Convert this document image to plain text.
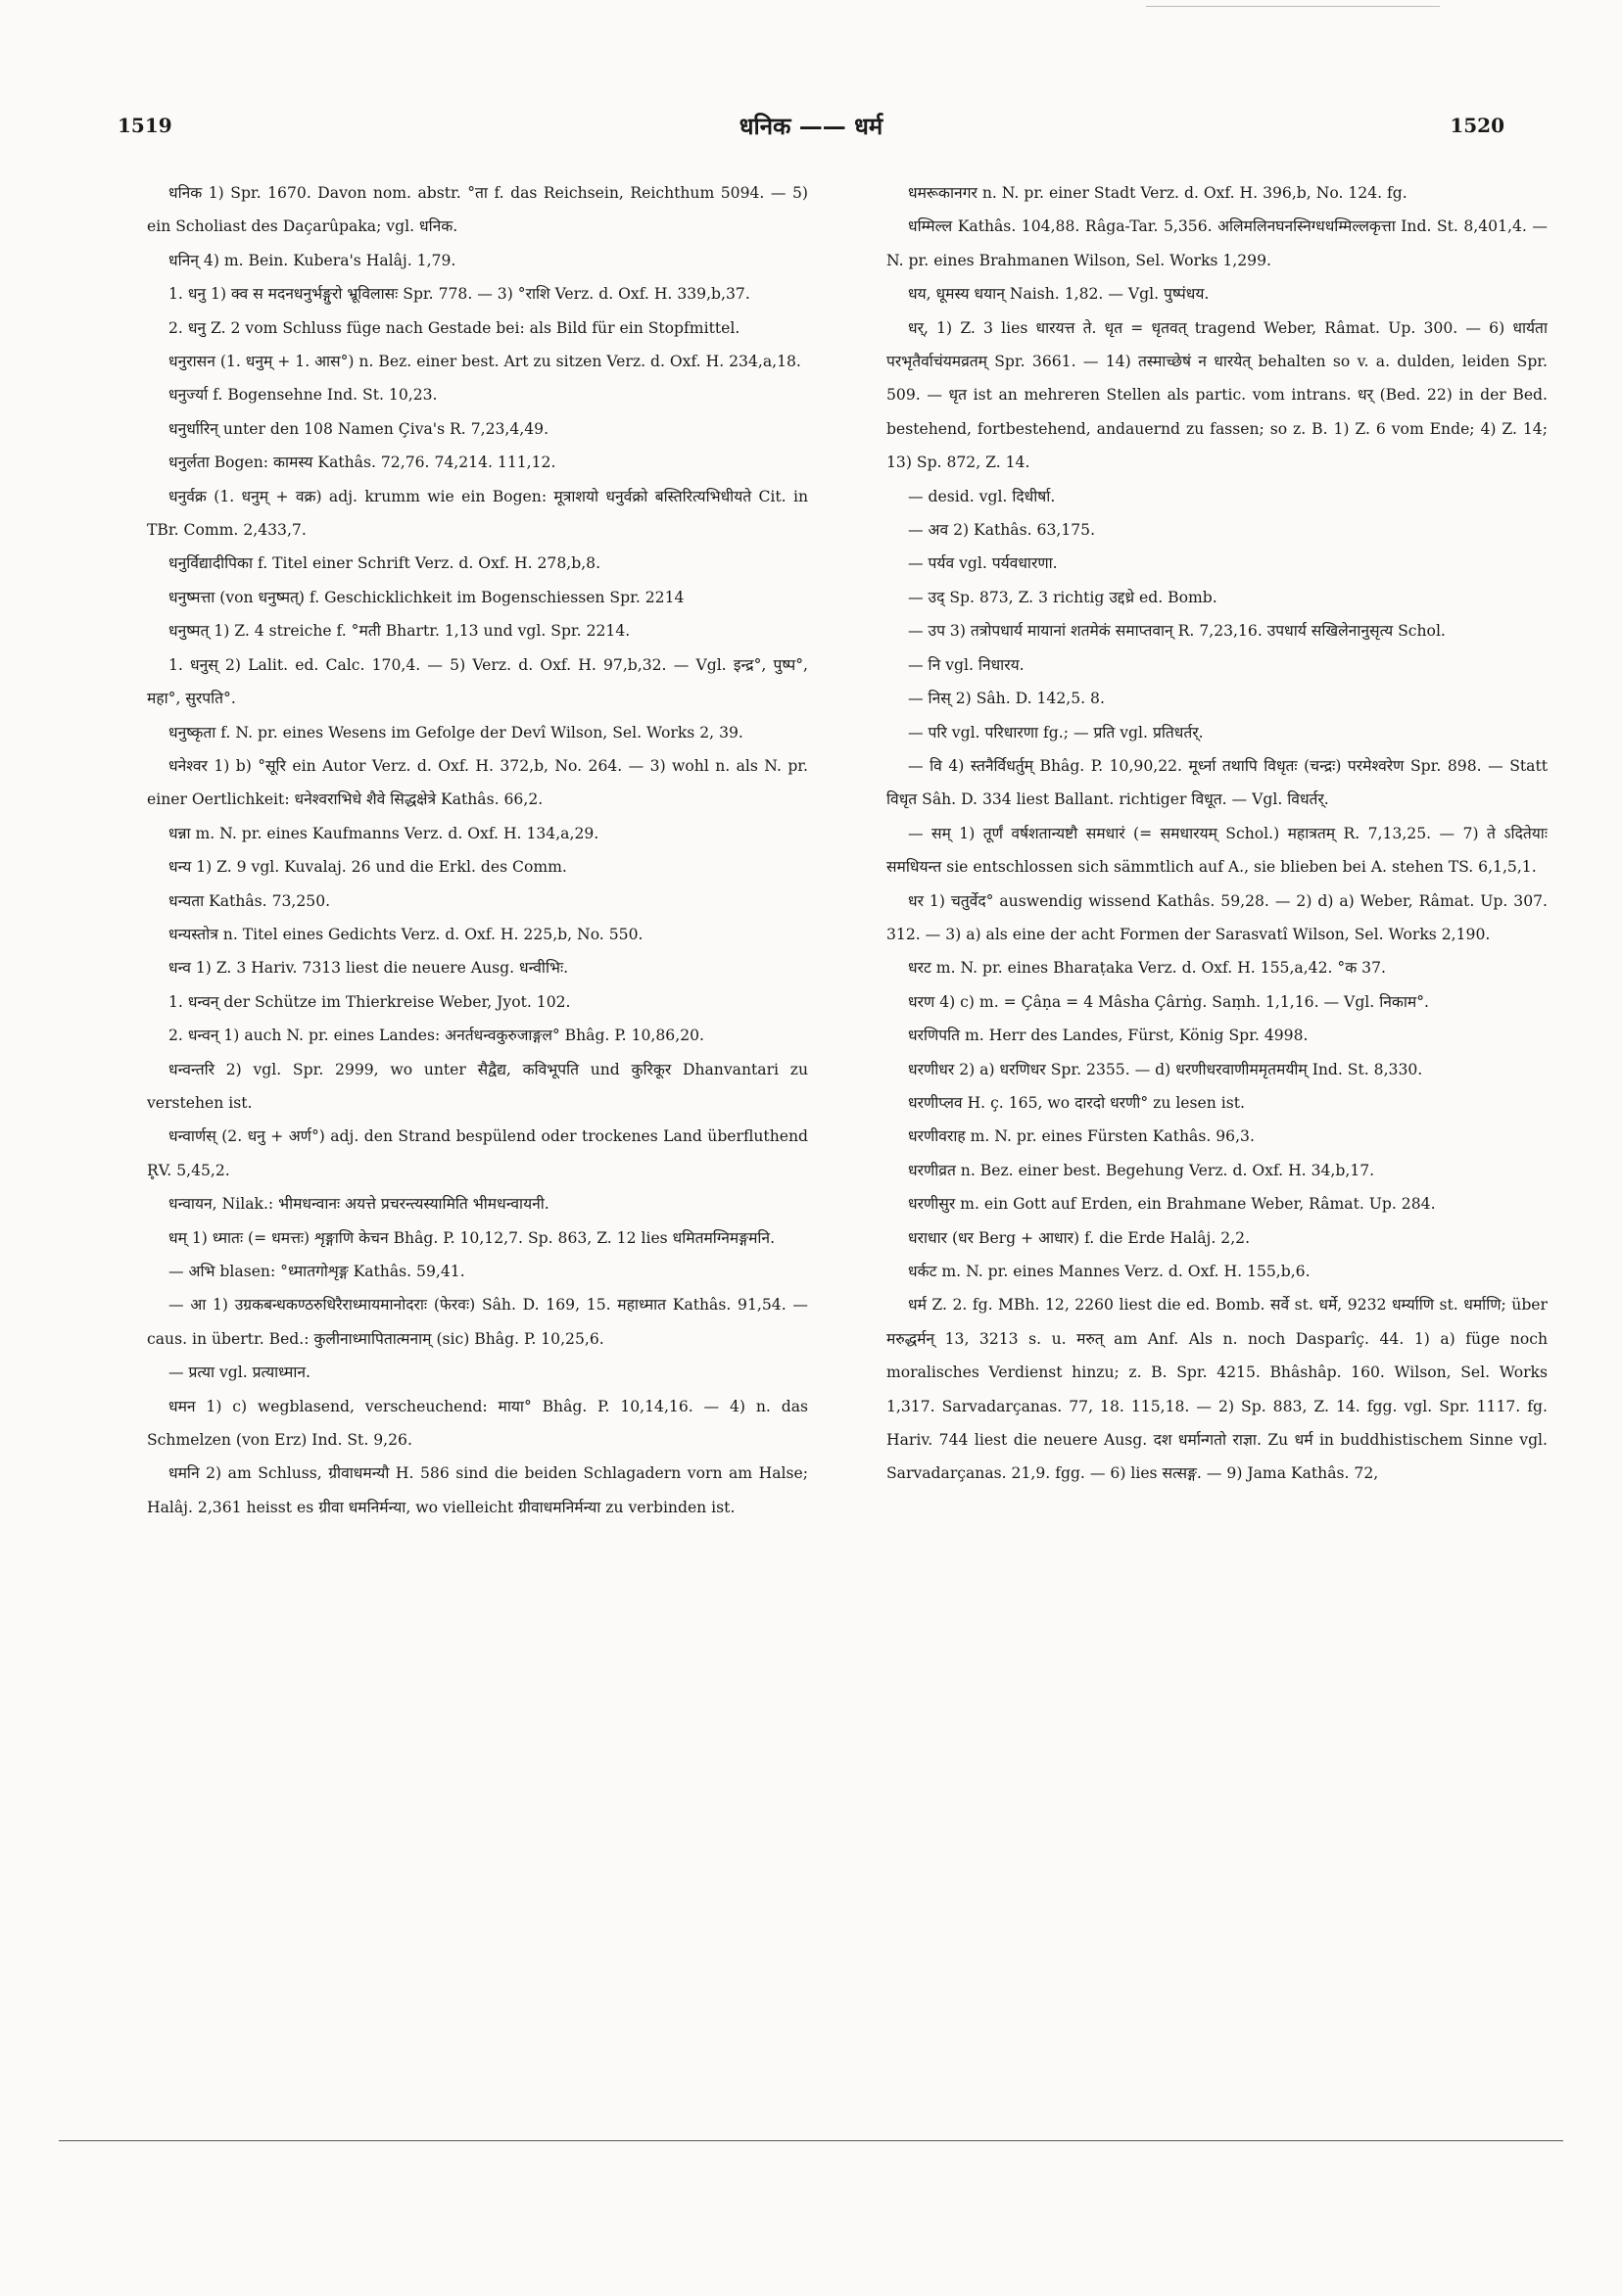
1519	धनिक —— धर्म	1520

धनिक 1) Spr. 1670. Davon nom. abstr. °ता f. das Reichsein, Reichthum 5094. — 5) ein Scholiast des Daçarûpaka; vgl. धनिक.

धनिन् 4) m. Bein. Kubera's Halâj. 1,79.

1. धनु 1) क्व स मदनधनुर्भङ्गुरो भ्रूविलासः Spr. 778. — 3) °राशि Verz. d. Oxf. H. 339,b,37.

2. धनु Z. 2 vom Schluss füge nach Gestade bei: als Bild für ein Stopfmittel.

धनुरासन (1. धनुम् + 1. आस°) n. Bez. einer best. Art zu sitzen Verz. d. Oxf. H. 234,a,18.

धनुर्ज्या f. Bogensehne Ind. St. 10,23.

धनुर्धारिन् unter den 108 Namen Çiva's R. 7,23,4,49.

धनुर्लता Bogen: कामस्य Kathâs. 72,76. 74,214. 111,12.

धनुर्वक्र (1. धनुम् + वक्र) adj. krumm wie ein Bogen: मूत्राशयो धनुर्वक्रो बस्तिरित्यभिधीयते Cit. in TBr. Comm. 2,433,7.

धनुर्विद्यादीपिका f. Titel einer Schrift Verz. d. Oxf. H. 278,b,8.

धनुष्मत्ता (von धनुष्मत्) f. Geschicklichkeit im Bogenschiessen Spr. 2214

धनुष्मत् 1) Z. 4 streiche f. °मती Bhartr. 1,13 und vgl. Spr. 2214.

1. धनुस् 2) Lalit. ed. Calc. 170,4. — 5) Verz. d. Oxf. H. 97,b,32. — Vgl. इन्द्र°, पुष्प°, महा°, सुरपति°.

धनुष्कृता f. N. pr. eines Wesens im Gefolge der Devî Wilson, Sel. Works 2, 39.

धनेश्वर 1) b) °सूरि ein Autor Verz. d. Oxf. H. 372,b, No. 264. — 3) wohl n. als N. pr. einer Oertlichkeit: धनेश्वराभिधे शैवे सिद्धक्षेत्रे Kathâs. 66,2.

धन्ना m. N. pr. eines Kaufmanns Verz. d. Oxf. H. 134,a,29.

धन्य 1) Z. 9 vgl. Kuvalaj. 26 und die Erkl. des Comm.

धन्यता Kathâs. 73,250.

धन्यस्तोत्र n. Titel eines Gedichts Verz. d. Oxf. H. 225,b, No. 550.

धन्व 1) Z. 3 Hariv. 7313 liest die neuere Ausg. धन्वीभिः.

1. धन्वन् der Schütze im Thierkreise Weber, Jyot. 102.

2. धन्वन् 1) auch N. pr. eines Landes: अनर्तधन्वकुरुजाङ्गल° Bhâg. P. 10,86,20.

धन्वन्तरि 2) vgl. Spr. 2999, wo unter सैद्वैद्य, कविभूपति und कुरिकूर Dhanvantari zu verstehen ist.

धन्वार्णस् (2. धनु + अर्ण°) adj. den Strand bespülend oder trockenes Land überfluthend R̥V. 5,45,2.

धन्वायन, Nilak.: भीमधन्वानः अयत्ते प्रचरन्त्यस्यामिति भीमधन्वायनी.

धम् 1) ध्मातः (= धमत्तः) शृङ्गाणि केचन Bhâg. P. 10,12,7. Sp. 863, Z. 12 lies धमितमग्निमङ्गमनि.

— अभि blasen: °ध्मातगोशृङ्ग Kathâs. 59,41.

— आ 1) उग्रकबन्धकण्ठरुधिरैराध्मायमानोदराः (फेरवः) Sâh. D. 169, 15. महाध्मात Kathâs. 91,54. — caus. in übertr. Bed.: कुलीनाध्मापितात्मनाम् (sic) Bhâg. P. 10,25,6.

— प्रत्या vgl. प्रत्याध्मान.

धमन 1) c) wegblasend, verscheuchend: माया° Bhâg. P. 10,14,16. — 4) n. das Schmelzen (von Erz) Ind. St. 9,26.

धमनि 2) am Schluss, ग्रीवाधमन्यौ H. 586 sind die beiden Schlagadern vorn am Halse; Halâj. 2,361 heisst es ग्रीवा धमनिर्मन्या, wo vielleicht ग्रीवाधमनिर्मन्या zu verbinden ist.

धमरूकानगर n. N. pr. einer Stadt Verz. d. Oxf. H. 396,b, No. 124. fg.

धम्मिल्ल Kathâs. 104,88. Râga-Tar. 5,356. अलिमलिनघनस्निग्धधम्मिल्लकृत्ता Ind. St. 8,401,4. — N. pr. eines Brahmanen Wilson, Sel. Works 1,299.

धय, धूमस्य धयान् Naish. 1,82. — Vgl. पुष्पंधय.

धर्, 1) Z. 3 lies धारयत्त ते. धृत = धृतवत् tragend Weber, Râmat. Up. 300. — 6) धार्यता परभृतैर्वाचंयमव्रतम् Spr. 3661. — 14) तस्माच्छेषं न धारयेत् behalten so v. a. dulden, leiden Spr. 509. — धृत ist an mehreren Stellen als partic. vom intrans. धर् (Bed. 22) in der Bed. bestehend, fortbestehend, andauernd zu fassen; so z. B. 1) Z. 6 vom Ende; 4) Z. 14; 13) Sp. 872, Z. 14.

— desid. vgl. दिधीर्षा.

— अव 2) Kathâs. 63,175.

— पर्यव vgl. पर्यवधारणा.

— उद् Sp. 873, Z. 3 richtig उद्दध्रे ed. Bomb.

— उप 3) तत्रोपधार्य मायानां शतमेकं समाप्तवान् R. 7,23,16. उपधार्य सखिलेनानुसृत्य Schol.

— नि vgl. निधारय.

— निस् 2) Sâh. D. 142,5. 8.

— परि vgl. परिधारणा fg.; — प्रति vgl. प्रतिधर्तर्.

— वि 4) स्तनैर्विधर्तुम् Bhâg. P. 10,90,22. मूर्ध्ना तथापि विधृतः (चन्द्रः) परमेश्वरेण Spr. 898. — Statt विधृत Sâh. D. 334 liest Ballant. richtiger विधूत. — Vgl. विधर्तर्.

— सम् 1) तूर्णं वर्षशतान्यष्टौ समधारं (= समधारयम् Schol.) महात्रतम् R. 7,13,25. — 7) ते ऽदितेयाः समधियन्त sie entschlossen sich sämmtlich auf A., sie blieben bei A. stehen TS. 6,1,5,1.

धर 1) चतुर्वेद° auswendig wissend Kathâs. 59,28. — 2) d) a) Weber, Râmat. Up. 307. 312. — 3) a) als eine der acht Formen der Sarasvatî Wilson, Sel. Works 2,190.

धरट m. N. pr. eines Bharaṭaka Verz. d. Oxf. H. 155,a,42. °क 37.

धरण 4) c) m. = Çâṇa = 4 Mâsha Çârṅg. Saṃh. 1,1,16. — Vgl. निकाम°.

धरणिपति m. Herr des Landes, Fürst, König Spr. 4998.

धरणीधर 2) a) धरणिधर Spr. 2355. — d) धरणीधरवाणीममृतमयीम् Ind. St. 8,330.

धरणीप्लव H. ç. 165, wo दारदो धरणी° zu lesen ist.

धरणीवराह m. N. pr. eines Fürsten Kathâs. 96,3.

धरणीव्रत n. Bez. einer best. Begehung Verz. d. Oxf. H. 34,b,17.

धरणीसुर m. ein Gott auf Erden, ein Brahmane Weber, Râmat. Up. 284.

धराधार (धर Berg + आधार) f. die Erde Halâj. 2,2.

धर्कट m. N. pr. eines Mannes Verz. d. Oxf. H. 155,b,6.

धर्म Z. 2. fg. MBh. 12, 2260 liest die ed. Bomb. सर्वे st. धर्मे, 9232 धर्म्याणि st. धर्माणि; über मरुद्धर्मन् 13, 3213 s. u. मरुत् am Anf. Als n. noch Dasparîç. 44. 1) a) füge noch moralisches Verdienst hinzu; z. B. Spr. 4215. Bhâshâp. 160. Wilson, Sel. Works 1,317. Sarvadarçanas. 77, 18. 115,18. — 2) Sp. 883, Z. 14. fgg. vgl. Spr. 1117. fg. Hariv. 744 liest die neuere Ausg. दश धर्मान्गतो राज्ञा. Zu धर्म in buddhistischem Sinne vgl. Sarvadarçanas. 21,9. fgg. — 6) lies सत्सङ्ग. — 9) Jama Kathâs. 72,
